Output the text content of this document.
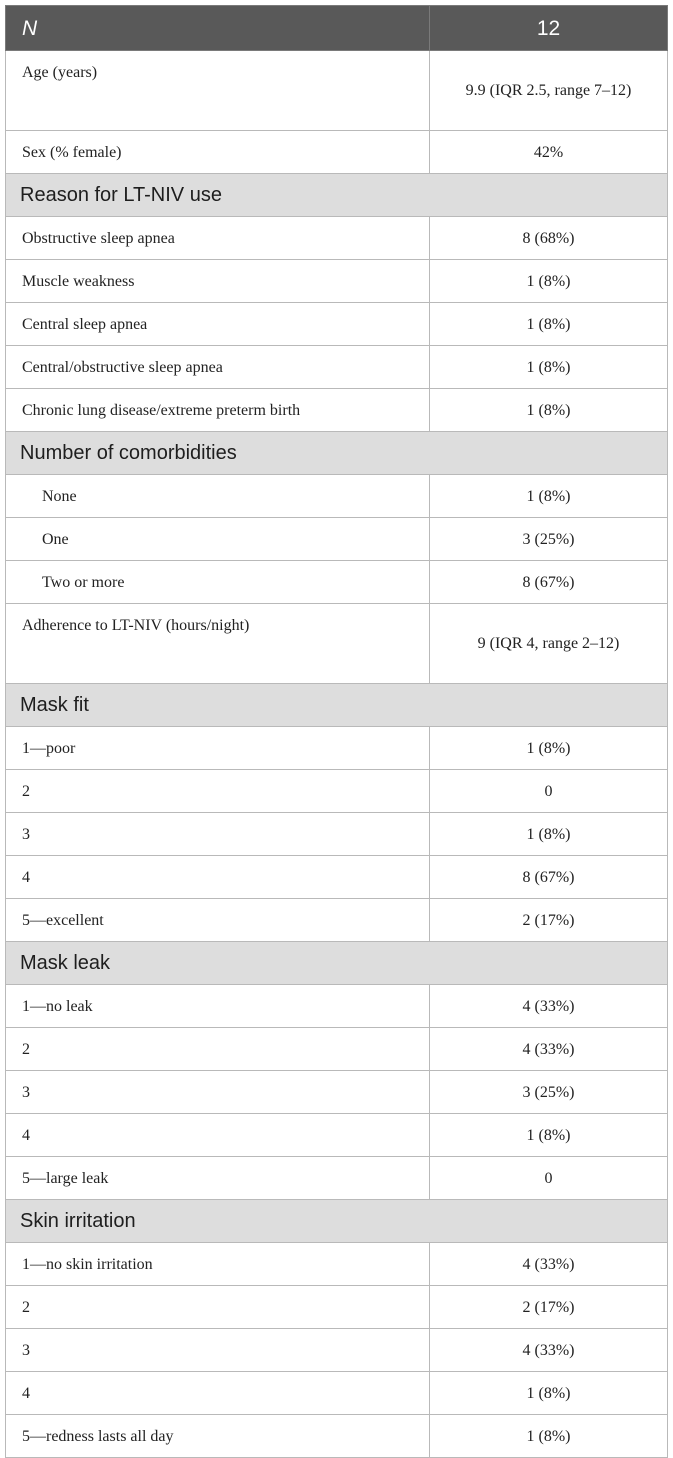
N	12
Age (years)	9.9 (IQR 2.5, range 7–12)
Sex (% female)	42%
Reason for LT-NIV use	
Obstructive sleep apnea	8 (68%)
Muscle weakness	1 (8%)
Central sleep apnea	1 (8%)
Central/obstructive sleep apnea	1 (8%)
Chronic lung disease/extreme preterm birth	1 (8%)
Number of comorbidities	
None	1 (8%)
One	3 (25%)
Two or more	8 (67%)
Adherence to LT-NIV (hours/night)	9 (IQR 4, range 2–12)
Mask fit	
1—poor	1 (8%)
2	0
3	1 (8%)
4	8 (67%)
5—excellent	2 (17%)
Mask leak	
1—no leak	4 (33%)
2	4 (33%)
3	3 (25%)
4	1 (8%)
5—large leak	0
Skin irritation	
1—no skin irritation	4 (33%)
2	2 (17%)
3	4 (33%)
4	1 (8%)
5—redness lasts all day	1 (8%)
